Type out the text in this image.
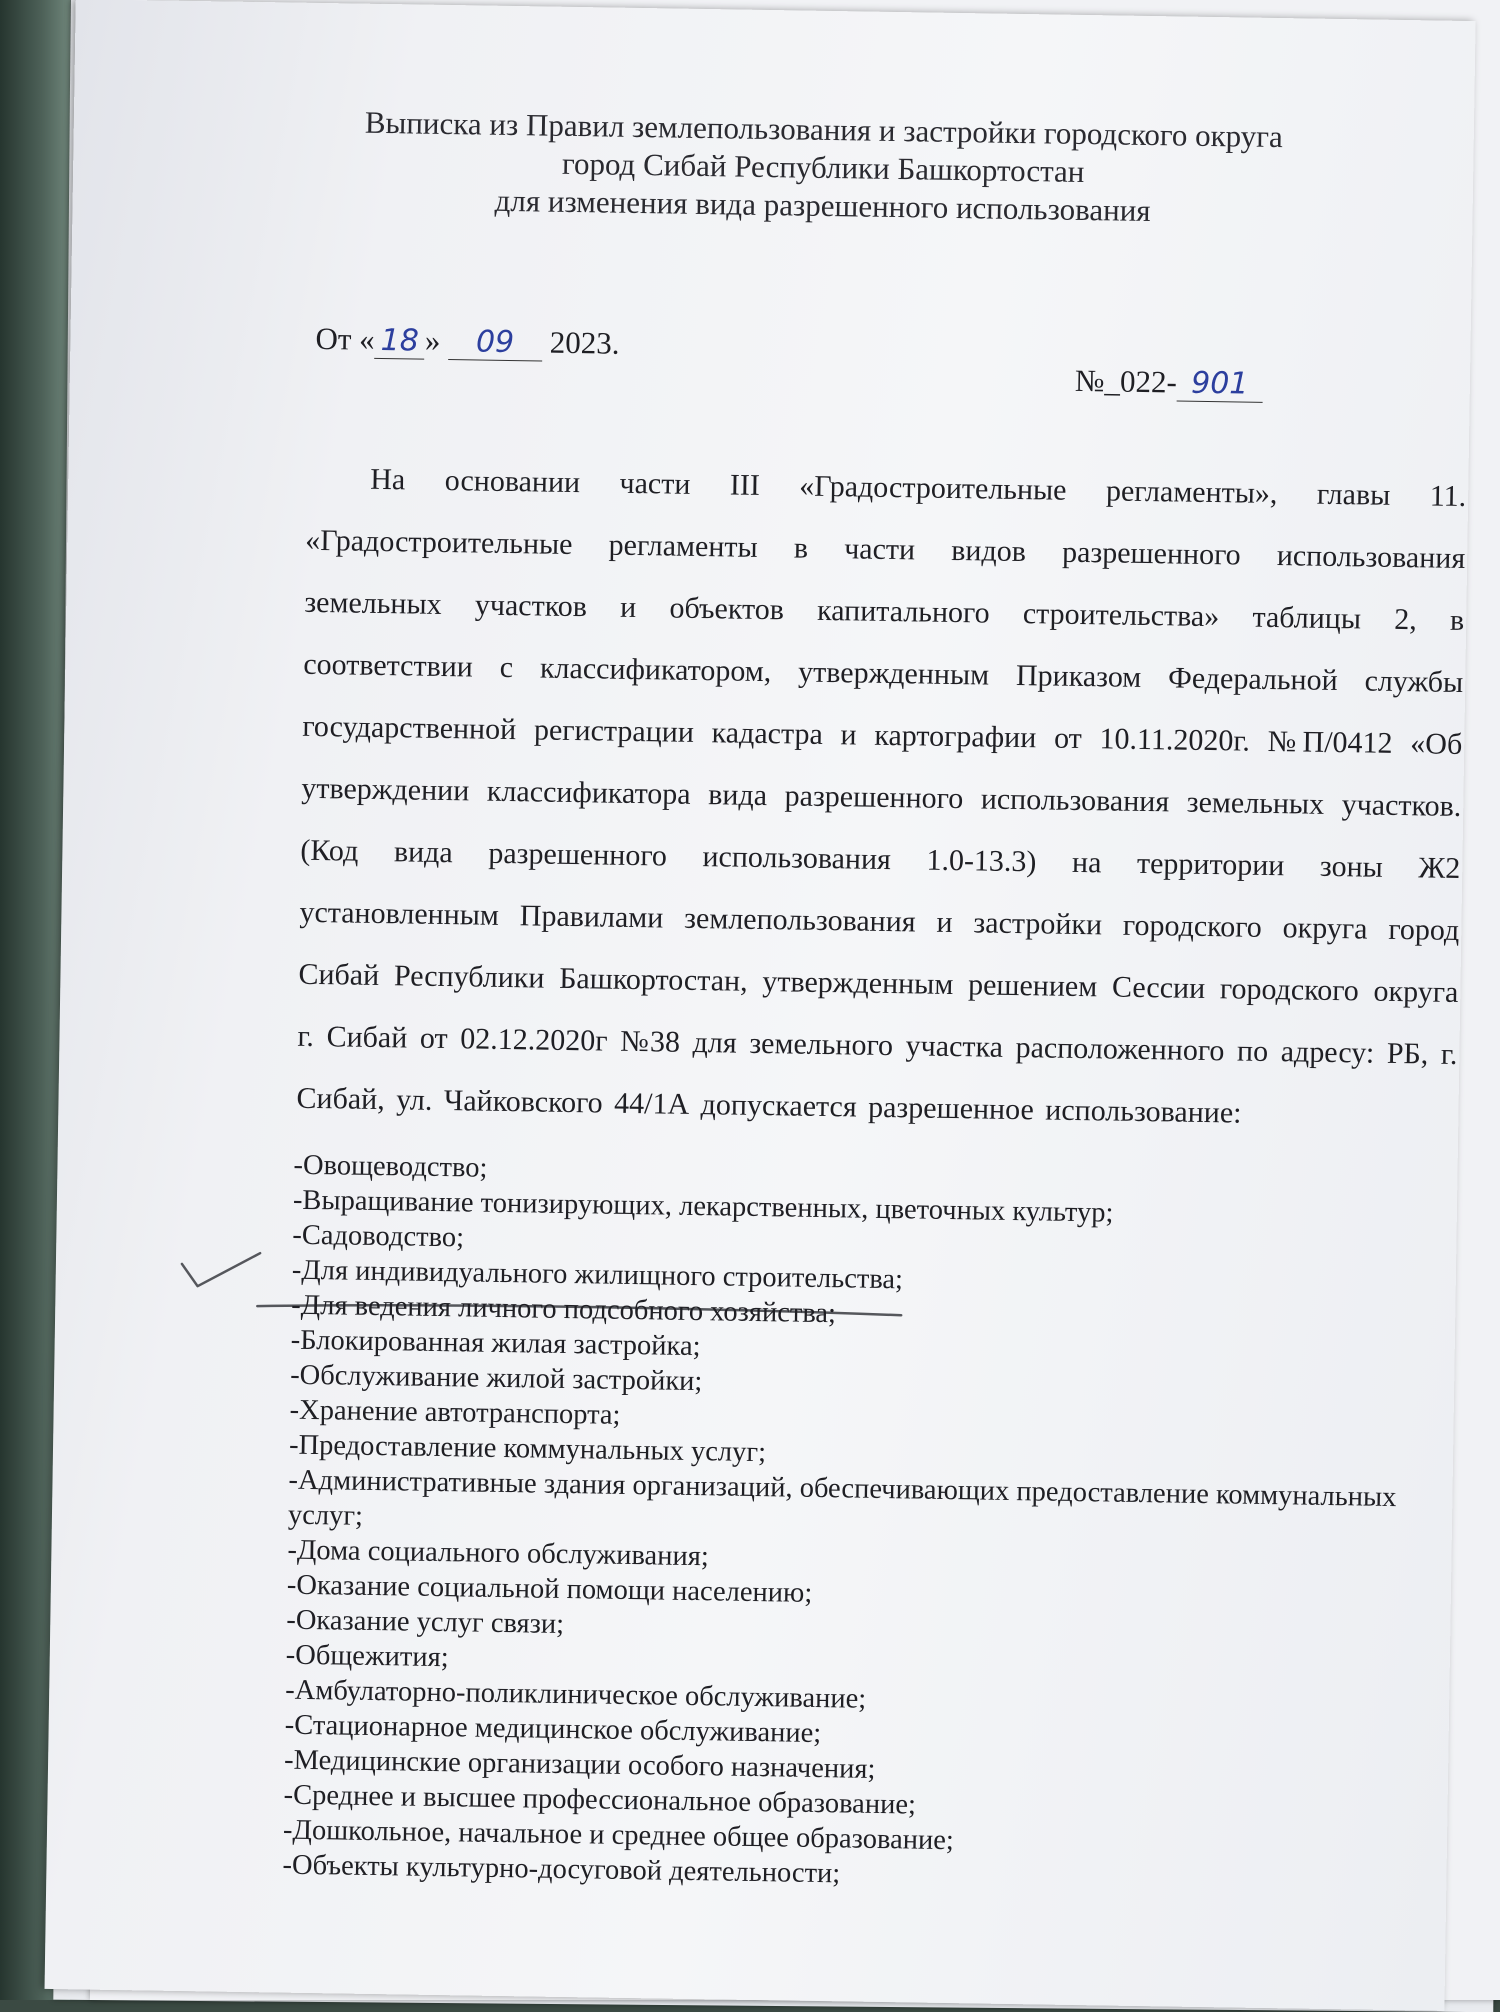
Выписка из Правил землепользования и застройки городского округа
город Сибай Республики Башкортостан
для изменения вида разрешенного использования
От « 18 » 09 2023.
№_022- 901

На основании части III «Градостроительные регламенты», главы 11. «Градостроительные регламенты в части видов разрешенного использования земельных участков и объектов капитального строительства» таблицы 2, в соответствии с классификатором, утвержденным Приказом Федеральной службы государственной регистрации кадастра и картографии от 10.11.2020г. №П/0412 «Об утверждении классификатора вида разрешенного использования земельных участков. (Код вида разрешенного использования 1.0-13.3) на территории зоны Ж2 установленным Правилами землепользования и застройки городского округа город Сибай Республики Башкортостан, утвержденным решением Сессии городского округа г. Сибай от 02.12.2020г №38 для земельного участка расположенного по адресу: РБ, г. Сибай, ул. Чайковского 44/1А допускается разрешенное использование:

-Овощеводство;
-Выращивание тонизирующих, лекарственных, цветочных культур;
-Садоводство;
-Для индивидуального жилищного строительства;
-Для ведения личного подсобного хозяйства;
-Блокированная жилая застройка;
-Обслуживание жилой застройки;
-Хранение автотранспорта;
-Предоставление коммунальных услуг;
-Административные здания организаций, обеспечивающих предоставление коммунальных услуг;
-Дома социального обслуживания;
-Оказание социальной помощи населению;
-Оказание услуг связи;
-Общежития;
-Амбулаторно-поликлиническое обслуживание;
-Стационарное медицинское обслуживание;
-Медицинские организации особого назначения;
-Среднее и высшее профессиональное образование;
-Дошкольное, начальное и среднее общее образование;
-Объекты культурно-досуговой деятельности;
